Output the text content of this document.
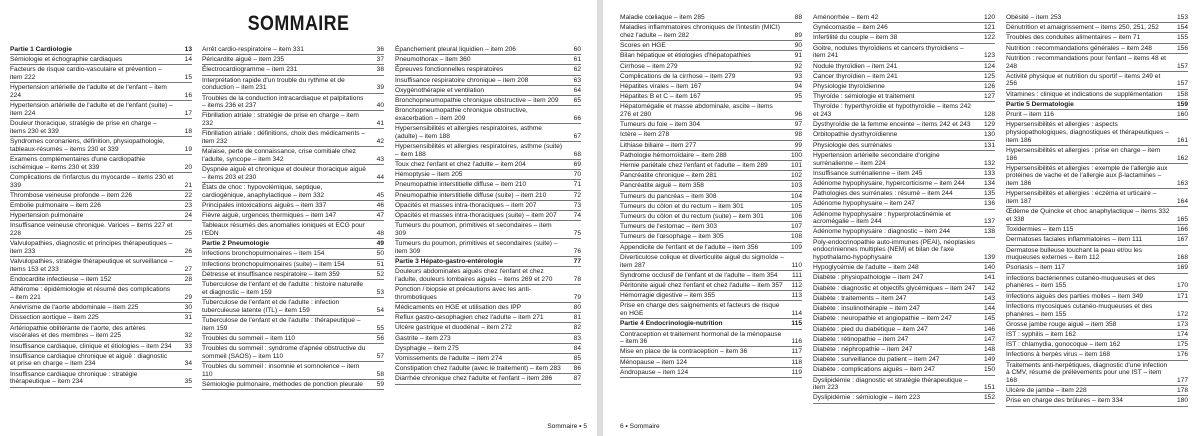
SOMMAIRE
Partie 1 Cardiologie	13
Sémiologie et échographie cardiaques	14
Facteurs de risque cardio-vasculaire et prévention – item 222	15
Hypertension artérielle de l'adulte et de l'enfant – item 224	16
Hypertension artérielle de l'adulte et de l'enfant (suite) – item 224	17
Douleur thoracique, stratégie de prise en charge – items 230 et 339	18
Syndromes coronariens, définition, physiopathologie, tableaux-résumés – items 230 et 339	19
Examens complémentaires d'une cardiopathie ischémique – items 230 et 339	20
Complications de l'infarctus du myocarde – items 230 et 339	21
Thrombose veineuse profonde – item 226	22
Embolie pulmonaire – item 226	23
Hypertension pulmonaire	24
Insuffisance veineuse chronique. Varices – items 227 et 228	25
Valvulopathies, diagnostic et principes thérapeutiques – item 233	26
Valvulopathies, stratégie thérapeutique et surveillance – items 153 et 233	27
Endocardite infectieuse – item 152	28
Athérome : épidémiologie et résumé des complications – item 221	29
Anévrisme de l'aorte abdominale – item 225	30
Dissection aortique – item 225	31
Artériopathie oblitérante de l'aorte, des artères viscérales et des membres – item 225	32
Insuffisance cardiaque, clinique et étiologies – item 234	33
Insuffisance cardiaque chronique et aiguë : diagnostic et prise en charge – item 234	34
Insuffisance cardiaque chronique : stratégie thérapeutique – item 234	35
Arrêt cardio-respiratoire – item 331	36
Péricardite aiguë – item 235	37
Électrocardiogramme – item 231	38
Interprétation rapide d'un trouble du rythme et de conduction – item 231	39
Troubles de la conduction intracardiaque et palpitations – items 236 et 237	40
Fibrillation atriale : stratégie de prise en charge – item 232	41
Fibrillation atriale : définitions, choix des médicaments – item 232	42
Malaise, perte de connaissance, crise comitiale chez l'adulte, syncope – item 342	43
Dyspnée aiguë et chronique et douleur thoracique aiguë – items 203 et 230	44
États de choc : hypovolémique, septique, cardiogénique, anaphylactique – item 332	45
Principales intoxications aiguës – item 337	46
Fièvre aiguë, urgences thermiques – item 147	47
Tableaux résumés des anomalies ioniques et ECG pour l'EDN	48
Partie 2 Pneumologie	49
Infections bronchopulmonaires – item 154	50
Infections bronchopulmonaires (suite) – item 154	51
Détresse et insuffisance respiratoire – item 359	52
Tuberculose de l'enfant et de l'adulte : histoire naturelle et diagnostic – item 159	53
Tuberculose de l'enfant et de l'adulte : infection tuberculeuse latente (ITL) – item 159	54
Tuberculose de l'enfant et de l'adulte : thérapeutique – item 159	55
Troubles du sommeil – item 110	56
Troubles du sommeil : syndrome d'apnée obstructive du sommeil (SAOS) – item 110	57
Troubles du sommeil : insomnie et somnolence – item 110	58
Sémiologie pulmonaire, méthodes de ponction pleurale	59
Épanchement pleural liquidien – item 206	60
Pneumothorax – item 360	61
Épreuves fonctionnelles respiratoires	62
Insuffisance respiratoire chronique – item 208	63
Oxygénothérapie et ventilation	64
Bronchopneumopathie chronique obstructive – item 209	65
Bronchopneumopathie chronique obstructive, exacerbation – item 209	66
Hypersensibilités et allergies respiratoires, asthme (adulte) – item 188	67
Hypersensibilités et allergies respiratoires, asthme (suite) – item 188	68
Toux chez l'enfant et chez l'adulte – item 204	69
Hémoptysie – item 205	70
Pneumopathie interstitielle diffuse – item 210	71
Pneumopathie interstitielle diffuse (suite) – item 210	72
Opacités et masses intra-thoraciques – item 207	73
Opacités et masses intra-thoraciques (suite) – item 207	74
Tumeurs du poumon, primitives et secondaires – item 309	75
Tumeurs du poumon, primitives et secondaires (suite) – item 309	76
Partie 3 Hépato-gastro-entérologie	77
Douleurs abdominales aiguës chez l'enfant et chez l'adulte, douleurs lombaires aiguës – items 269 et 270	78
Ponction / biopsie et précautions avec les anti-thrombotiques	79
Médicaments en HGE et utilisation des IPP	80
Reflux gastro-œsophagien chez l'adulte – item 271	81
Ulcère gastrique et duodénal – item 272	82
Gastrite – item 273	83
Dysphagie – item 275	84
Vomissements de l'adulte – item 274	85
Constipation chez l'adulte (avec le traitement) – item 283	86
Diarrhée chronique chez l'adulte et l'enfant – item 286	87
Sommaire • 5
Maladie cœliaque – item 285	88
Maladies inflammatoires chroniques de l'intestin (MICI) chez l'adulte – item 282	89
Scores en HGE	90
Bilan hépatique et étiologies d'hépatopathies	91
Cirrhose – item 279	92
Complications de la cirrhose – item 279	93
Hépatites virales – item 167	94
Hépatites B et C – item 167	95
Hépatomégalie et masse abdominale, ascite – items 276 et 280	96
Tumeurs du foie – item 304	97
Ictère – item 278	98
Lithiase biliaire – item 277	99
Pathologie hémorroïdaire – item 288	100
Hernie pariétale chez l'enfant et l'adulte – item 289	101
Pancréatite chronique – item 281	102
Pancréatite aiguë – item 358	103
Tumeurs du pancréas – item 308	104
Tumeurs du côlon et du rectum – item 301	105
Tumeurs du côlon et du rectum (suite) – item 301	106
Tumeurs de l'estomac – item 303	107
Tumeurs de l'œsophage – item 305	108
Appendicite de l'enfant et de l'adulte – item 356	109
Diverticulose colique et diverticulite aiguë du sigmoïde – item 287	110
Syndrome occlusif de l'enfant et de l'adulte – item 354	111
Péritonite aiguë chez l'enfant et chez l'adulte – item 357	112
Hémorragie digestive – item 355	113
Prise en charge des saignements et facteurs de risque en HGE	114
Partie 4 Endocrinologie-nutrition	115
Contraception et traitement hormonal de la ménopause – item 36	116
Mise en place de la contraception – item 36	117
Ménopause – item 124	118
Andropause – item 124	119
Aménorrhée – item 42	120
Gynécomastie – item 246	121
Infertilité du couple – item 38	122
Goitre, nodules thyroïdiens et cancers thyroïdiens – item 241	123
Nodule thyroïdien – item 241	124
Cancer thyroïdien – item 241	125
Physiologie thyroïdienne	126
Thyroïde : sémiologie et traitement	127
Thyroïde : hyperthyroïdie et hypothyroïdie – items 242 et 243	128
Dysthyroïdie de la femme enceinte – items 242 et 243	129
Orbitopathie dysthyroïdienne	130
Physiologie des surrénales	131
Hypertension artérielle secondaire d'origine surrénalienne – item 224	132
Insuffisance surrénalienne – item 245	133
Adénome hypophysaire, hypercorticisme – item 244	134
Pathologies des surrénales : résumé – item 244	135
Adénome hypophysaire – item 247	136
Adénome hypophysaire : hyperprolactinémie et acromégalie – item 244	137
Adénome hypophysaire : diagnostic – item 244	138
Poly-endocrinopathie auto-immunes (PEAI), néoplasies endocriniennes multiples (NEM) et bilan de l'axe hypothalamo-hypophysaire	139
Hypoglycémie de l'adulte – item 248	140
Diabète : physiopathologie – item 247	141
Diabète : diagnostic et objectifs glycémiques – item 247	142
Diabète : traitements – item 247	143
Diabète : insulinothérapie – item 247	144
Diabète : neuropathie et angiopathie – item 247	145
Diabète : pied du diabétique – item 247	146
Diabète : rétinopathie – item 247	147
Diabète : néphropathie – item 247	148
Diabète : surveillance du patient – item 247	149
Diabète : complications aiguës – item 247	150
Dyslipidémie : diagnostic et stratégie thérapeutique – item 223	151
Dyslipidémie : sémiologie – item 223	152
Obésité – item 253	153
Dénutrition et amaigrissement – items 250, 251, 252	154
Troubles des conduites alimentaires – item 71	155
Nutrition : recommandations générales – item 248	156
Nutrition : recommandations pour l'enfant – items 48 et 248	157
Activité physique et nutrition du sportif – items 249 et 256	157
Vitamines : clinique et indications de supplémentation	158
Partie 5 Dermatologie	159
Prurit – item 116	160
Hypersensibilités et allergies : aspects physiopathologiques, diagnostiques et thérapeutiques – item 186	161
Hypersensibilités et allergies : prise en charge – item 186	162
Hypersensibilités et allergies : exemple de l'allergie aux protéines de vache et de l'allergie aux β-lactamines – item 186	163
Hypersensibilités et allergies : eczéma et urticaire – item 187	164
Œdème de Quincke et choc anaphylactique – items 332 et 338	165
Toxidermies – item 115	166
Dermatoses faciales inflammatoires – item 111	167
Dermatose bulleuse touchant la peau et/ou les muqueuses externes – item 112	168
Psoriasis – item 117	169
Infections bactériennes cutanéo-muqueuses et des phanères – item 155	170
Infections aiguës des parties molles – item 349	171
Infections mycosiques cutanéo-muqueuses et des phanères – item 155	172
Grosse jambe rouge aiguë – item 358	173
IST : syphilis – item 162	174
IST : chlamydia, gonocoque – item 162	175
Infections à herpès virus – item 168	176
Traitements anti-herpétiques, diagnostic d'une infection à CMV, résumé de prélèvements pour une IST – item 168	177
Ulcère de jambe – item 228	178
Prise en charge des brûlures – item 334	180
6 • Sommaire
